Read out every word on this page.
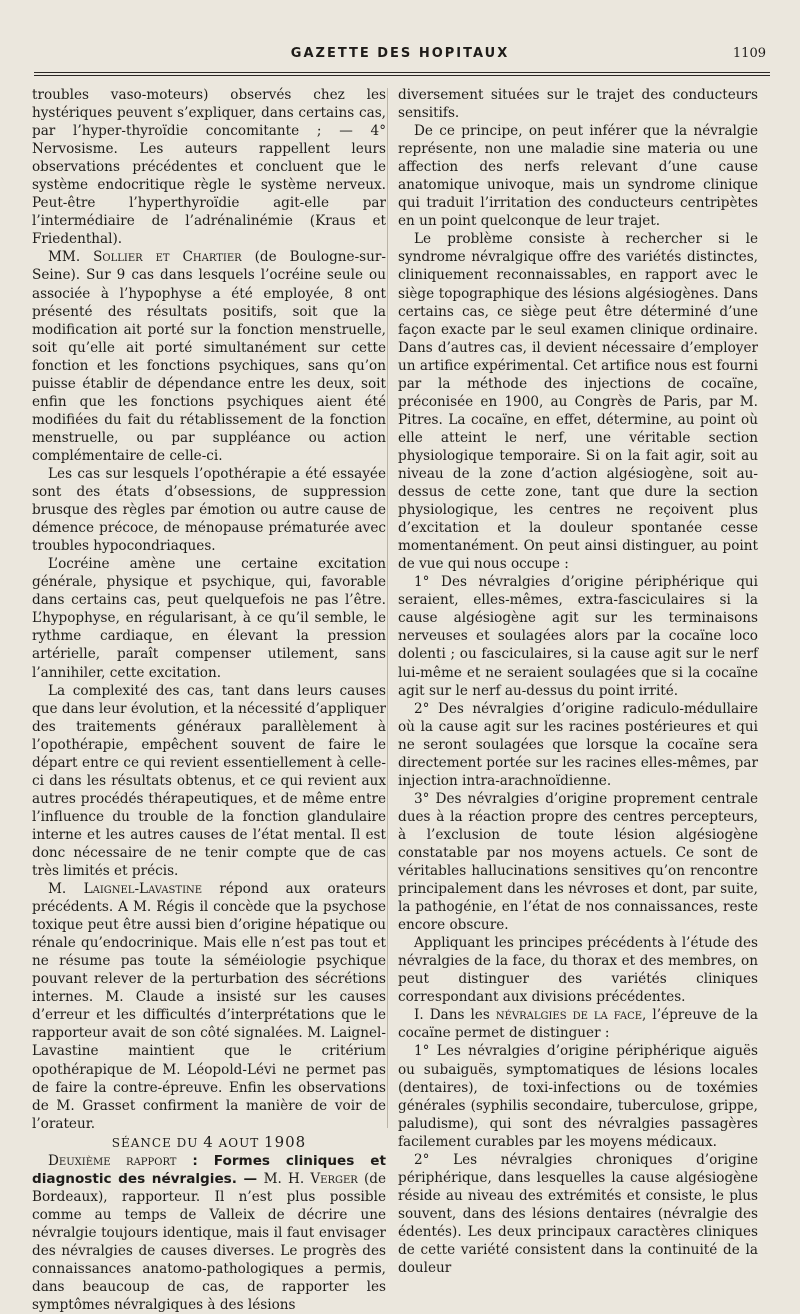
GAZETTE DES HOPITAUX	1109

troubles vaso-moteurs) observés chez les hystériques peuvent s’expliquer, dans certains cas, par l’hyper-thyroïdie concomitante ; — 4° Nervosisme. Les auteurs rappellent leurs observations précédentes et concluent que le système endocritique règle le système nerveux. Peut-être l’hyperthyroïdie agit-elle par l’intermédiaire de l’adrénalinémie (Kraus et Friedenthal).

MM. Sollier et Chartier (de Boulogne-sur-Seine). Sur 9 cas dans lesquels l’ocréine seule ou associée à l’hypophyse a été employée, 8 ont présenté des résultats positifs, soit que la modification ait porté sur la fonction menstruelle, soit qu’elle ait porté simultanément sur cette fonction et les fonctions psychiques, sans qu’on puisse établir de dépendance entre les deux, soit enfin que les fonctions psychiques aient été modifiées du fait du rétablissement de la fonction menstruelle, ou par suppléance ou action complémentaire de celle-ci.

Les cas sur lesquels l’opothérapie a été essayée sont des états d’obsessions, de suppression brusque des règles par émotion ou autre cause de démence précoce, de ménopause prématurée avec troubles hypocondriaques.

L’ocréine amène une certaine excitation générale, physique et psychique, qui, favorable dans certains cas, peut quelquefois ne pas l’être. L’hypophyse, en régularisant, à ce qu’il semble, le rythme cardiaque, en élevant la pression artérielle, paraît compenser utilement, sans l’annihiler, cette excitation.

La complexité des cas, tant dans leurs causes que dans leur évolution, et la nécessité d’appliquer des traitements généraux parallèlement à l’opothérapie, empêchent souvent de faire le départ entre ce qui revient essentiellement à celle-ci dans les résultats obtenus, et ce qui revient aux autres procédés thérapeutiques, et de même entre l’influence du trouble de la fonction glandulaire interne et les autres causes de l’état mental. Il est donc nécessaire de ne tenir compte que de cas très limités et précis.

M. Laignel-Lavastine répond aux orateurs précédents. A M. Régis il concède que la psychose toxique peut être aussi bien d’origine hépatique ou rénale qu’endocrinique. Mais elle n’est pas tout et ne résume pas toute la séméiologie psychique pouvant relever de la perturbation des sécrétions internes. M. Claude a insisté sur les causes d’erreur et les difficultés d’interprétations que le rapporteur avait de son côté signalées. M. Laignel-Lavastine maintient que le critérium opothérapique de M. Léopold-Lévi ne permet pas de faire la contre-épreuve. Enfin les observations de M. Grasset confirment la manière de voir de l’orateur.

SÉANCE DU 4 AOUT 1908

Deuxième rapport : Formes cliniques et diagnostic des névralgies. — M. H. Verger (de Bordeaux), rapporteur. Il n’est plus possible comme au temps de Valleix de décrire une névralgie toujours identique, mais il faut envisager des névralgies de causes diverses. Le progrès des connaissances anatomo-pathologiques a permis, dans beaucoup de cas, de rapporter les symptômes névralgiques à des lésions

diversement situées sur le trajet des conducteurs sensitifs.

De ce principe, on peut inférer que la névralgie représente, non une maladie sine materia ou une affection des nerfs relevant d’une cause anatomique univoque, mais un syndrome clinique qui traduit l’irritation des conducteurs centripètes en un point quelconque de leur trajet.

Le problème consiste à rechercher si le syndrome névralgique offre des variétés distinctes, cliniquement reconnaissables, en rapport avec le siège topographique des lésions algésiogènes. Dans certains cas, ce siège peut être déterminé d’une façon exacte par le seul examen clinique ordinaire. Dans d’autres cas, il devient nécessaire d’employer un artifice expérimental. Cet artifice nous est fourni par la méthode des injections de cocaïne, préconisée en 1900, au Congrès de Paris, par M. Pitres. La cocaïne, en effet, détermine, au point où elle atteint le nerf, une véritable section physiologique temporaire. Si on la fait agir, soit au niveau de la zone d’action algésiogène, soit au-dessus de cette zone, tant que dure la section physiologique, les centres ne reçoivent plus d’excitation et la douleur spontanée cesse momentanément. On peut ainsi distinguer, au point de vue qui nous occupe :

1° Des névralgies d’origine périphérique qui seraient, elles-mêmes, extra-fasciculaires si la cause algésiogène agit sur les terminaisons nerveuses et soulagées alors par la cocaïne loco dolenti ; ou fasciculaires, si la cause agit sur le nerf lui-même et ne seraient soulagées que si la cocaïne agit sur le nerf au-dessus du point irrité.

2° Des névralgies d’origine radiculo-médullaire où la cause agit sur les racines postérieures et qui ne seront soulagées que lorsque la cocaïne sera directement portée sur les racines elles-mêmes, par injection intra-arachnoïdienne.

3° Des névralgies d’origine proprement centrale dues à la réaction propre des centres percepteurs, à l’exclusion de toute lésion algésiogène constatable par nos moyens actuels. Ce sont de véritables hallucinations sensitives qu’on rencontre principalement dans les névroses et dont, par suite, la pathogénie, en l’état de nos connaissances, reste encore obscure.

Appliquant les principes précédents à l’étude des névralgies de la face, du thorax et des membres, on peut distinguer des variétés cliniques correspondant aux divisions précédentes.

I. Dans les névralgies de la face, l’épreuve de la cocaïne permet de distinguer :

1° Les névralgies d’origine périphérique aiguës ou subaiguës, symptomatiques de lésions locales (dentaires), de toxi-infections ou de toxémies générales (syphilis secondaire, tuberculose, grippe, paludisme), qui sont des névralgies passagères facilement curables par les moyens médicaux.

2° Les névralgies chroniques d’origine périphérique, dans lesquelles la cause algésiogène réside au niveau des extrémités et consiste, le plus souvent, dans des lésions dentaires (névralgie des édentés). Les deux principaux caractères cliniques de cette variété consistent dans la continuité de la douleur
